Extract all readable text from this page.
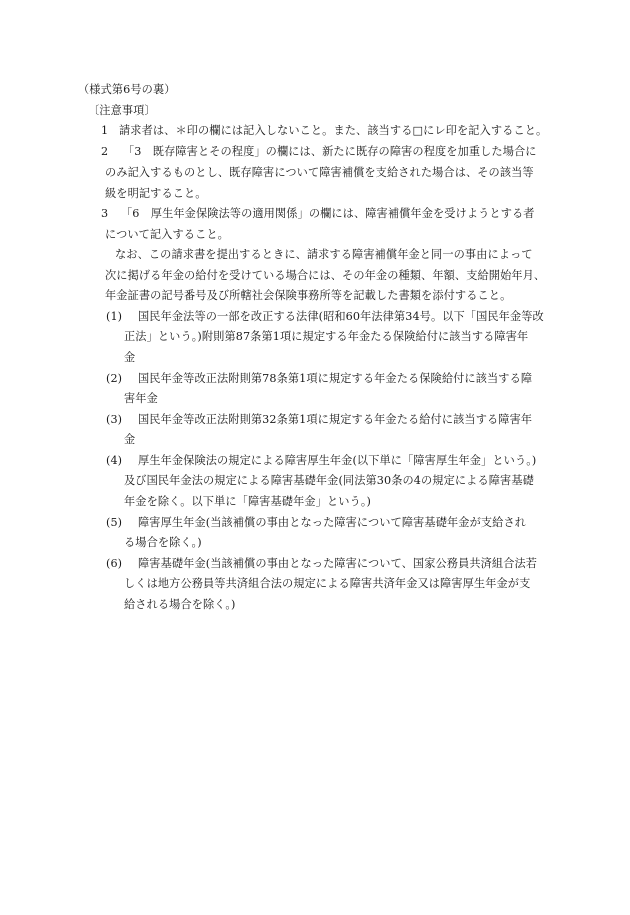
（様式第6号の裏）
〔注意事項〕
1 請求者は、＊印の欄には記入しないこと。また、該当する□にレ印を記入すること。
2 「3　既存障害とその程度」の欄には、新たに既存の障害の程度を加重した場合に
のみ記入するものとし、既存障害について障害補償を支給された場合は、その該当等
級を明記すること。
3 「6　厚生年金保険法等の適用関係」の欄には、障害補償年金を受けようとする者
について記入すること。
なお、この請求書を提出するときに、請求する障害補償年金と同一の事由によって
次に掲げる年金の給付を受けている場合には、その年金の種類、年額、支給開始年月、
年金証書の記号番号及び所轄社会保険事務所等を記載した書類を添付すること。
(1) 国民年金法等の一部を改正する法律(昭和60年法律第34号。以下「国民年金等改
正法」という。)附則第87条第1項に規定する年金たる保険給付に該当する障害年
金
(2) 国民年金等改正法附則第78条第1項に規定する年金たる保険給付に該当する障
害年金
(3) 国民年金等改正法附則第32条第1項に規定する年金たる給付に該当する障害年
金
(4) 厚生年金保険法の規定による障害厚生年金(以下単に「障害厚生年金」という。)
及び国民年金法の規定による障害基礎年金(同法第30条の4の規定による障害基礎
年金を除く。以下単に「障害基礎年金」という。)
(5) 障害厚生年金(当該補償の事由となった障害について障害基礎年金が支給され
る場合を除く。)
(6) 障害基礎年金(当該補償の事由となった障害について、国家公務員共済組合法若
しくは地方公務員等共済組合法の規定による障害共済年金又は障害厚生年金が支
給される場合を除く。)
